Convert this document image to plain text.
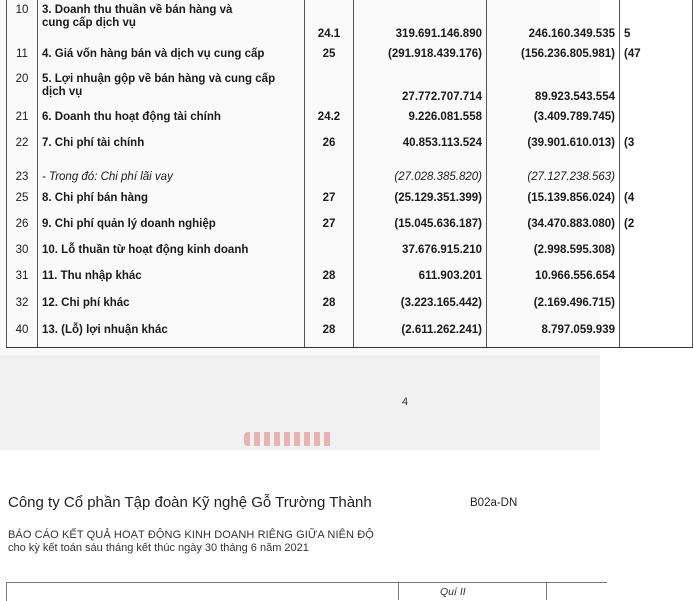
10	3. Doanh thu thuần về bán hàng và
cung cấp dịch vụ	24.1	319.691.146.890	246.160.349.535	5
11	4. Giá vốn hàng bán và dịch vụ cung cấp	25	(291.918.439.176)	(156.236.805.981)	(47
20	5. Lợi nhuận gộp về bán hàng và cung cấp
dịch vụ		27.772.707.714	89.923.543.554	
21	6. Doanh thu hoạt động tài chính	24.2	9.226.081.558	(3.409.789.745)	
22	7. Chi phí tài chính	26	40.853.113.524	(39.901.610.013)	(3
23	- Trong đó: Chi phí lãi vay		(27.028.385.820)	(27.127.238.563)	
25	8. Chi phí bán hàng	27	(25.129.351.399)	(15.139.856.024)	(4
26	9. Chi phí quản lý doanh nghiệp	27	(15.045.636.187)	(34.470.883.080)	(2
30	10. Lỗ thuần từ hoạt động kinh doanh		37.676.915.210	(2.998.595.308)	
31	11. Thu nhập khác	28	611.903.201	10.966.556.654	
32	12. Chi phí khác	28	(3.223.165.442)	(2.169.496.715)	
40	13. (Lỗ) lợi nhuận khác	28	(2.611.262.241)	8.797.059.939	
4
Công ty Cổ phần Tập đoàn Kỹ nghệ Gỗ Trường Thành	B02a-DN
BÁO CÁO KẾT QUẢ HOẠT ĐỘNG KINH DOANH RIÊNG GIỮA NIÊN ĐỘ
cho kỳ kết toán sáu tháng kết thúc ngày 30 tháng 6 năm 2021
Quí II
